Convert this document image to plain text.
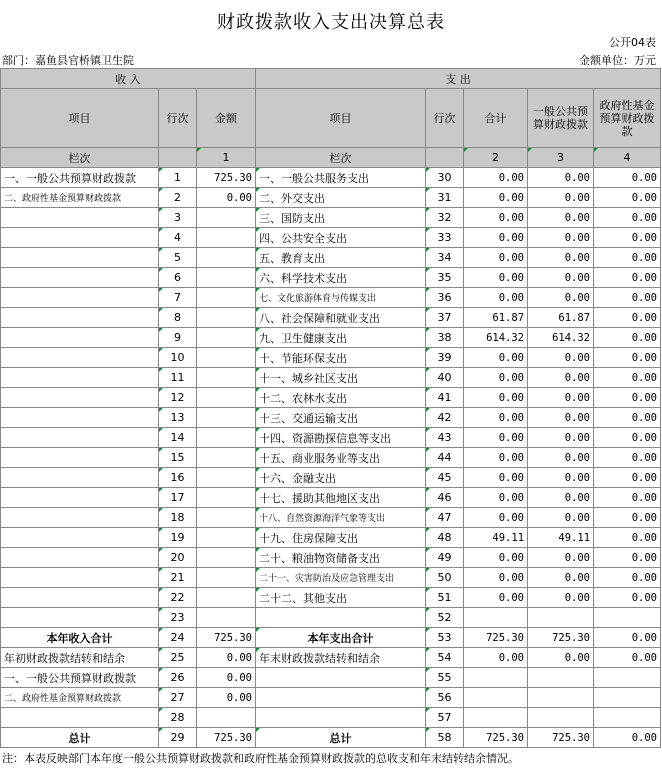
财政拨款收入支出决算总表
公开04表
部门：嘉鱼县官桥镇卫生院	金额单位：万元
收 入			支 出				
项目	行次	金额	项目	行次	合计	一般公共预算财政拨款	政府性基金预算财政拨款
栏次		1	栏次		2	3	4
一、一般公共预算财政拨款	1	725.30	一、一般公共服务支出	30	0.00	0.00	0.00
二、政府性基金预算财政拨款	2	0.00	二、外交支出	31	0.00	0.00	0.00
	3		三、国防支出	32	0.00	0.00	0.00
	4		四、公共安全支出	33	0.00	0.00	0.00
	5		五、教育支出	34	0.00	0.00	0.00
	6		六、科学技术支出	35	0.00	0.00	0.00
	7		七、文化旅游体育与传媒支出	36	0.00	0.00	0.00
	8		八、社会保障和就业支出	37	61.87	61.87	0.00
	9		九、卫生健康支出	38	614.32	614.32	0.00
	10		十、节能环保支出	39	0.00	0.00	0.00
	11		十一、城乡社区支出	40	0.00	0.00	0.00
	12		十二、农林水支出	41	0.00	0.00	0.00
	13		十三、交通运输支出	42	0.00	0.00	0.00
	14		十四、资源勘探信息等支出	43	0.00	0.00	0.00
	15		十五、商业服务业等支出	44	0.00	0.00	0.00
	16		十六、金融支出	45	0.00	0.00	0.00
	17		十七、援助其他地区支出	46	0.00	0.00	0.00
	18		十八、自然资源海洋气象等支出	47	0.00	0.00	0.00
	19		十九、住房保障支出	48	49.11	49.11	0.00
	20		二十、粮油物资储备支出	49	0.00	0.00	0.00
	21		二十一、灾害防治及应急管理支出	50	0.00	0.00	0.00
	22		二十二、其他支出	51	0.00	0.00	0.00
	23			52			
本年收入合计	24	725.30	本年支出合计	53	725.30	725.30	0.00
年初财政拨款结转和结余	25	0.00	年末财政拨款结转和结余	54	0.00	0.00	0.00
一、一般公共预算财政拨款	26	0.00		55			
二、政府性基金预算财政拨款	27	0.00		56			
	28			57			
总计	29	725.30	总计	58	725.30	725.30	0.00
注：本表反映部门本年度一般公共预算财政拨款和政府性基金预算财政拨款的总收支和年末结转结余情况。
